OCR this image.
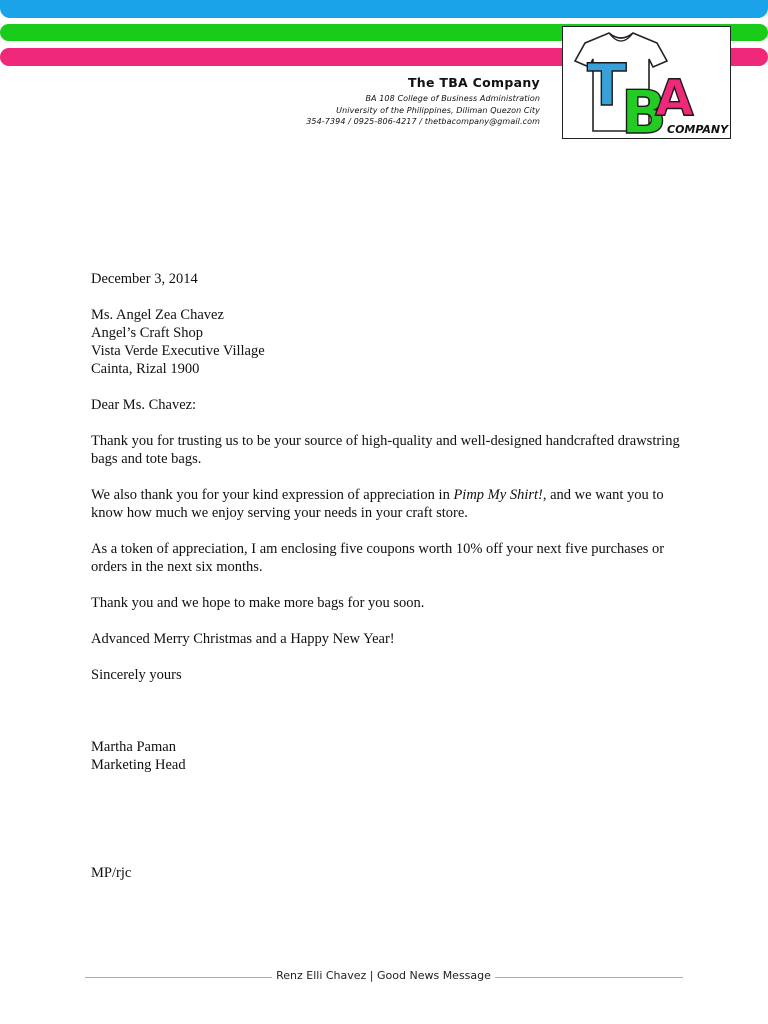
The TBA Company
BA 108 College of Business Administration
University of the Philippines, Diliman Quezon City
354-7394 / 0925-806-4217 / thetbacompany@gmail.com
T
B
A
COMPANY

December 3, 2014

Ms. Angel Zea Chavez

Angel’s Craft Shop

Vista Verde Executive Village

Cainta, Rizal 1900

Dear Ms. Chavez:

Thank you for trusting us to be your source of high-quality and well-designed handcrafted drawstring bags and tote bags.

We also thank you for your kind expression of appreciation in Pimp My Shirt!, and we want you to know how much we enjoy serving your needs in your craft store.

As a token of appreciation, I am enclosing five coupons worth 10% off your next five purchases or orders in the next six months.

Thank you and we hope to make more bags for you soon.

Advanced Merry Christmas and a Happy New Year!

Sincerely yours

Martha Paman

Marketing Head

MP/rjc

Renz Elli Chavez | Good News Message
